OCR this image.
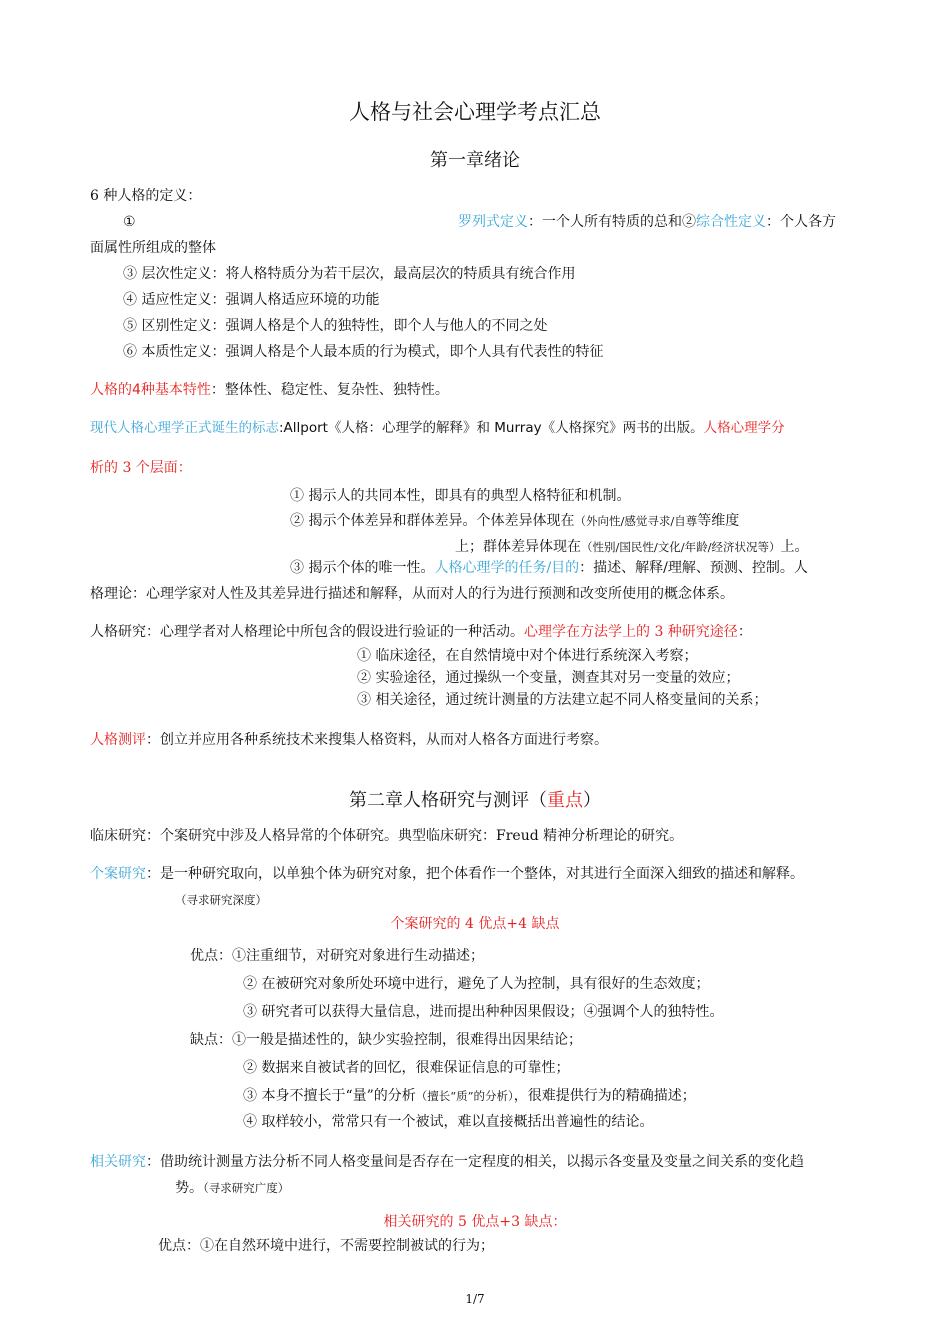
人格与社会心理学考点汇总
第一章绪论
6 种人格的定义：
①	罗列式定义：一个人所有特质的总和②综合性定义：个人各方
面属性所组成的整体
③ 层次性定义：将人格特质分为若干层次，最高层次的特质具有统合作用
④ 适应性定义：强调人格适应环境的功能
⑤ 区别性定义：强调人格是个人的独特性，即个人与他人的不同之处
⑥ 本质性定义：强调人格是个人最本质的行为模式，即个人具有代表性的特征
人格的4种基本特性：整体性、稳定性、复杂性、独特性。
现代人格心理学正式诞生的标志:Allport《人格：心理学的解释》和 Murray《人格探究》两书的出版。人格心理学分
析的 3 个层面：
① 揭示人的共同本性，即具有的典型人格特征和机制。
② 揭示个体差异和群体差异。个体差异体现在（外向性/感觉寻求/自尊等维度
上；群体差异体现在（性别/国民性/文化/年龄/经济状况等）上。
③ 揭示个体的唯一性。人格心理学的任务/目的：描述、解释/理解、预测、控制。人
格理论：心理学家对人性及其差异进行描述和解释，从而对人的行为进行预测和改变所使用的概念体系。
人格研究：心理学者对人格理论中所包含的假设进行验证的一种活动。心理学在方法学上的 3 种研究途径：
① 临床途径，在自然情境中对个体进行系统深入考察；
② 实验途径，通过操纵一个变量，测查其对另一变量的效应；
③ 相关途径，通过统计测量的方法建立起不同人格变量间的关系；
人格测评：创立并应用各种系统技术来搜集人格资料，从而对人格各方面进行考察。
第二章人格研究与测评（重点）
临床研究：个案研究中涉及人格异常的个体研究。典型临床研究：Freud 精神分析理论的研究。
个案研究：是一种研究取向，以单独个体为研究对象，把个体看作一个整体，对其进行全面深入细致的描述和解释。
（寻求研究深度）
个案研究的 4 优点+4 缺点
优点：①注重细节，对研究对象进行生动描述；
② 在被研究对象所处环境中进行，避免了人为控制，具有很好的生态效度；
③ 研究者可以获得大量信息，进而提出种种因果假设；④强调个人的独特性。
缺点：①一般是描述性的，缺少实验控制，很难得出因果结论；
② 数据来自被试者的回忆，很难保证信息的可靠性；
③ 本身不擅长于“量”的分析（擅长“质”的分析），很难提供行为的精确描述；
④ 取样较小，常常只有一个被试，难以直接概括出普遍性的结论。
相关研究：借助统计测量方法分析不同人格变量间是否存在一定程度的相关，以揭示各变量及变量之间关系的变化趋
势。（寻求研究广度）
相关研究的 5 优点+3 缺点：
优点：①在自然环境中进行，不需要控制被试的行为；
1/7
